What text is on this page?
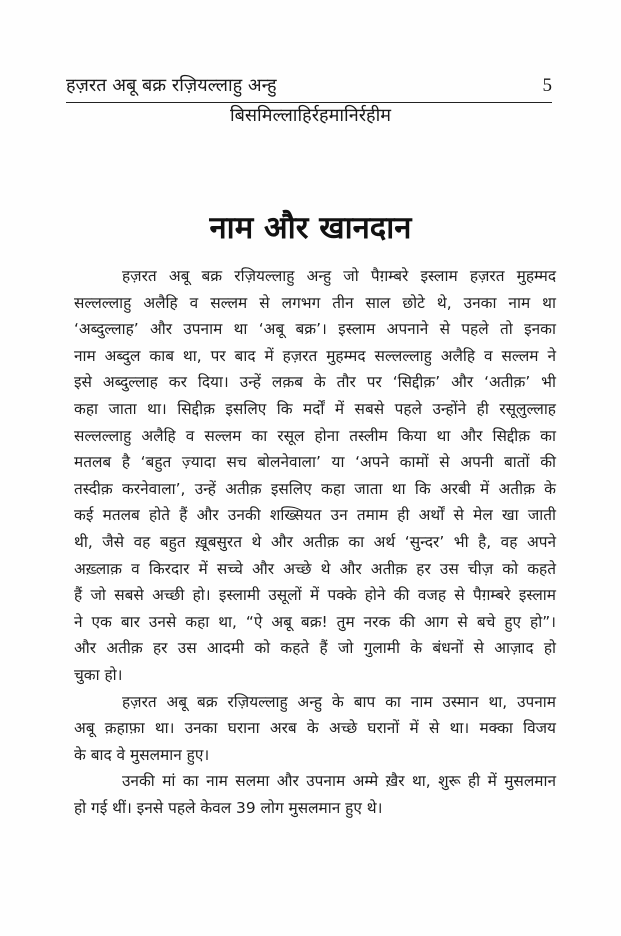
हज़रत अबू बक्र रज़ियल्लाहु अन्हु	5
बिसमिल्लाहिर्रहमानिर्रहीम
नाम और खानदान
हज़रत अबू बक्र रज़ियल्लाहु अन्हु जो पैग़म्बरे इस्लाम हज़रत मुहम्मद
सल्लल्लाहु अलैहि व सल्लम से लगभग तीन साल छोटे थे, उनका नाम था
‘अब्दुल्लाह’ और उपनाम था ‘अबू बक्र’। इस्लाम अपनाने से पहले तो इनका
नाम अब्दुल काब था, पर बाद में हज़रत मुहम्मद सल्लल्लाहु अलैहि व सल्लम ने
इसे अब्दुल्लाह कर दिया। उन्हें लक़ब के तौर पर ‘सिद्दीक़’ और ‘अतीक़’ भी
कहा जाता था। सिद्दीक़ इसलिए कि मर्दों में सबसे पहले उन्होंने ही रसूलुल्लाह
सल्लल्लाहु अलैहि व सल्लम का रसूल होना तस्लीम किया था और सिद्दीक़ का
मतलब है ‘बहुत ज़्यादा सच बोलनेवाला’ या ‘अपने कामों से अपनी बातों की
तस्दीक़ करनेवाला’, उन्हें अतीक़ इसलिए कहा जाता था कि अरबी में अतीक़ के
कई मतलब होते हैं और उनकी शख्सियत उन तमाम ही अर्थों से मेल खा जाती
थी, जैसे वह बहुत ख़ूबसुरत थे और अतीक़ का अर्थ ‘सुन्दर’ भी है, वह अपने
अख़्लाक़ व किरदार में सच्चे और अच्छे थे और अतीक़ हर उस चीज़ को कहते
हैं जो सबसे अच्छी हो। इस्लामी उसूलों में पक्के होने की वजह से पैग़म्बरे इस्लाम
ने एक बार उनसे कहा था, “ऐ अबू बक्र! तुम नरक की आग से बचे हुए हो”।
और अतीक़ हर उस आदमी को कहते हैं जो गुलामी के बंधनों से आज़ाद हो
चुका हो।
हज़रत अबू बक्र रज़ियल्लाहु अन्हु के बाप का नाम उस्मान था, उपनाम
अबू क़हाफ़ा था। उनका घराना अरब के अच्छे घरानों में से था। मक्का विजय
के बाद वे मुसलमान हुए।
उनकी मां का नाम सलमा और उपनाम अम्मे ख़ैर था, शुरू ही में मुसलमान
हो गई थीं। इनसे पहले केवल 39 लोग मुसलमान हुए थे।
